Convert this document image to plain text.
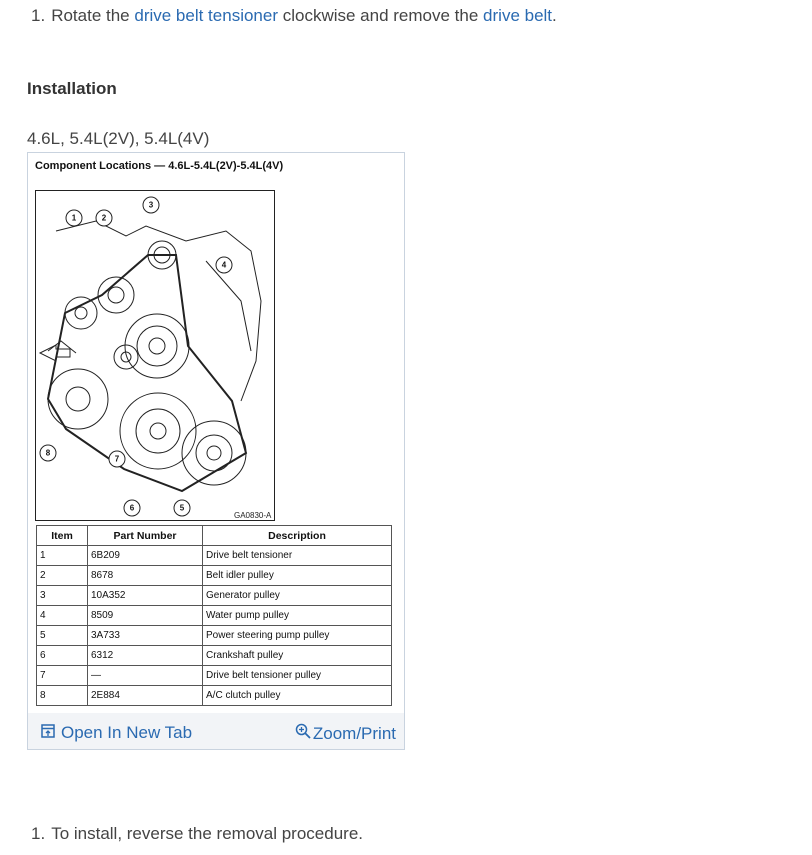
1. Rotate the drive belt tensioner clockwise and remove the drive belt.
Installation
4.6L, 5.4L(2V), 5.4L(4V)
Component Locations — 4.6L-5.4L(2V)-5.4L(4V)
1	2
3
4
5
6
7
8
GA0830-A
Item	Part Number	Description
1	6B209	Drive belt tensioner
2	8678	Belt idler pulley
3	10A352	Generator pulley
4	8509	Water pump pulley
5	3A733	Power steering pump pulley
6	6312	Crankshaft pulley
7	—	Drive belt tensioner pulley
8	2E884	A/C clutch pulley
Open In New Tab	Zoom/Print
1. To install, reverse the removal procedure.
